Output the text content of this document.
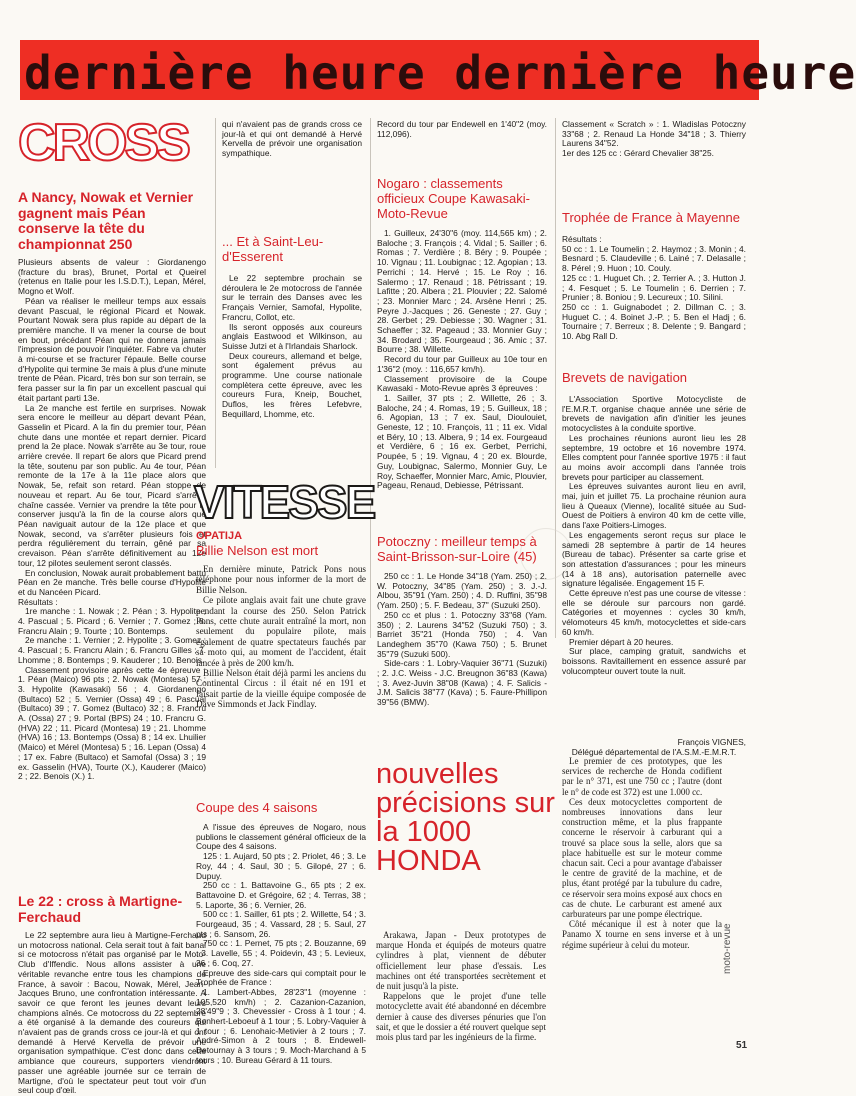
dernière heure dernière heure
CROSS
A Nancy, Nowak et Vernier gagnent mais Péan conserve la tête du championnat 250

Plusieurs absents de valeur : Giordanengo (fracture du bras), Brunet, Portal et Queirel (retenus en Italie pour les I.S.D.T.), Lepan, Mérel, Mogno et Wolf.

Péan va réaliser le meilleur temps aux essais devant Pascual, le régional Picard et Nowak. Pourtant Nowak sera plus rapide au départ de la première manche. Il va mener la course de bout en bout, précédant Péan qui ne donnera jamais l'impression de pouvoir l'inquiéter. Fabre va chuter à mi-course et se fracturer l'épaule. Belle course d'Hypolite qui termine 3e mais à plus d'une minute trente de Péan. Picard, très bon sur son terrain, se fera passer sur la fin par un excellent pascual qui était partant parti 13e.

La 2e manche est fertile en surprises. Nowak sera encore le meilleur au départ devant Péan, Gasselin et Picard. A la fin du premier tour, Péan chute dans une montée et repart dernier. Picard prend la 2e place. Nowak s'arrête au 3e tour, roue arrière crevée. Il repart 6e alors que Picard prend la tête, soutenu par son public. Au 4e tour, Péan remonte de la 17e à la 11e place alors que Nowak, 5e, refait son retard. Péan stoppe de nouveau et repart. Au 6e tour, Picard s'arrête, chaîne cassée. Vernier va prendre la tête pour la conserver jusqu'à la fin de la course alors que Péan naviguait autour de la 12e place et que Nowak, second, va s'arrêter plusieurs fois et perdra régulièrement du terrain, gêné par sa crevaison. Péan s'arrête définitivement au 12e tour, 12 pilotes seulement seront classés.

En conclusion, Nowak aurait probablement battu Péan en 2e manche. Très belle course d'Hypolite et du Nancéen Picard.

Résultats :

1re manche : 1. Nowak ; 2. Péan ; 3. Hypolite ; 4. Pascual ; 5. Picard ; 6. Vernier ; 7. Gomez ; 8. Francru Alain ; 9. Tourte ; 10. Bontemps.

2e manche : 1. Vernier ; 2. Hypolite ; 3. Gomez ; 4. Pascual ; 5. Francru Alain ; 6. Francru Gilles ; 7. Lhomme ; 8. Bontemps ; 9. Kauderer ; 10. Benois.

Classement provisoire après cette 4e épreuve : 1. Péan (Maico) 96 pts ; 2. Nowak (Montesa) 57 ; 3. Hypolite (Kawasaki) 56 ; 4. Giordanengo (Bultaco) 52 ; 5. Vernier (Ossa) 49 ; 6. Pascual (Bultaco) 39 ; 7. Gomez (Bultaco) 32 ; 8. Francru A. (Ossa) 27 ; 9. Portal (BPS) 24 ; 10. Francru G. (HVA) 22 ; 11. Picard (Montesa) 19 ; 21. Lhomme (HVA) 16 ; 13. Bontemps (Ossa) 8 ; 14 ex. Lhuilier (Maico) et Mérel (Montesa) 5 ; 16. Lepan (Ossa) 4 ; 17 ex. Fabre (Bultaco) et Samofal (Ossa) 3 ; 19 ex. Gasselin (HVA), Tourte (X.), Kauderer (Maico) 2 ; 22. Benois (X.) 1.

Le 22 : cross à Martigne-Ferchaud

Le 22 septembre aura lieu à Martigne-Ferchaud un motocross national. Cela serait tout à fait banal si ce motocross n'était pas organisé par le Moto-Club d'Iffendic. Nous allons assister à une véritable revanche entre tous les champions de France, à savoir : Bacou, Nowak, Mérel, Jean-Jacques Bruno, une confrontation intéressante. A savoir ce que feront les jeunes devant leurs champions aînés. Ce motocross du 22 septembre a été organisé à la demande des coureurs qui n'avaient pas de grands cross ce jour-là et qui ont demandé à Hervé Kervella de prévoir une organisation sympathique. C'est donc dans cette ambiance que coureurs, supporters viendront passer une agréable journée sur ce terrain de Martigne, d'où le spectateur peut tout voir d'un seul coup d'œil.

qui n'avaient pas de grands cross ce jour-là et qui ont demandé à Hervé Kervella de prévoir une organisation sympathique.

... Et à Saint-Leu-d'Esserent

Le 22 septembre prochain se déroulera le 2e motocross de l'année sur le terrain des Danses avec les Français Vernier, Samofal, Hypolite, Francru, Collot, etc.

Ils seront opposés aux coureurs anglais Eastwood et Wilkinson, au Suisse Jutzi et à l'Irlandais Sharlock.

Deux coureurs, allemand et belge, sont également prévus au programme. Une course nationale complètera cette épreuve, avec les coureurs Fura, Kneip, Bouchet, Duflos, les frères Lefebvre, Bequillard, Lhomme, etc.

VITESSE
OPATIJA
Billie Nelson est mort

En dernière minute, Patrick Pons nous téléphone pour nous informer de la mort de Billie Nelson.

Ce pilote anglais avait fait une chute grave pendant la course des 250. Selon Patrick Pons, cette chute aurait entraîné la mort, non seulement du populaire pilote, mais également de quatre spectateurs fauchés par sa moto qui, au moment de l'accident, était lancée à près de 200 km/h.

Billie Nelson était déjà parmi les anciens du Continental Circus : il était né en 191 et faisait partie de la vieille équipe composée de Dave Simmonds et Jack Findlay.

Coupe des 4 saisons

A l'issue des épreuves de Nogaro, nous publions le classement général officieux de la Coupe des 4 saisons.

125 : 1. Aujard, 50 pts ; 2. Priolet, 46 ; 3. Le Roy, 44 ; 4. Saul, 30 ; 5. Gilopé, 27 ; 6. Dupuy.

250 cc : 1. Battavoine G., 65 pts ; 2 ex. Battavoine D. et Grégoire, 62 ; 4. Terras, 38 ; 5. Laporte, 36 ; 6. Vernier, 26.

500 cc : 1. Sailler, 61 pts ; 2. Willette, 54 ; 3. Fourgeaud, 35 ; 4. Vassard, 28 ; 5. Saul, 27 pts ; 6. Sansom, 26.

750 cc : 1. Pernet, 75 pts ; 2. Bouzanne, 69 ; 3. Lavelle, 55 ; 4. Poidevin, 43 ; 5. Levieux, 36 ; 6. Coq, 27.

Epreuve des side-cars qui comptait pour le Trophée de France :

1. Lambert-Abbes, 28'23"1 (moyenne : 105,520 km/h) ; 2. Cazanion-Cazanion, 28'49"9 ; 3. Chevessier - Cross à 1 tour ; 4. Bonhert-Leboeuf à 1 tour ; 5. Lobry-Vaquier à 1 tour ; 6. Lenohaic-Metivier à 2 tours ; 7. André-Simon à 2 tours ; 8. Endewell-Detournay à 3 tours ; 9. Moch-Marchand à 5 tours ; 10. Bureau Gérard à 11 tours.

Record du tour par Endewell en 1'40"2 (moy. 112,096).

Nogaro : classements officieux Coupe Kawasaki-Moto-Revue

1. Guilleux, 24'30"6 (moy. 114,565 km) ; 2. Baloche ; 3. François ; 4. Vidal ; 5. Sailler ; 6. Romas ; 7. Verdière ; 8. Béry ; 9. Poupée ; 10. Vignau ; 11. Loubignac ; 12. Agopian ; 13. Perrichi ; 14. Hervé ; 15. Le Roy ; 16. Salermo ; 17. Renaud ; 18. Pétrissant ; 19. Lafitte ; 20. Albera ; 21. Plouvier ; 22. Salomé ; 23. Monnier Marc ; 24. Arsène Henri ; 25. Peyre J.-Jacques ; 26. Geneste ; 27. Guy ; 28. Gerbet ; 29. Debiesse ; 30. Wagner ; 31. Schaeffer ; 32. Pageaud ; 33. Monnier Guy ; 34. Brodard ; 35. Fourgeaud ; 36. Amic ; 37. Bourre ; 38. Willette.

Record du tour par Guilleux au 10e tour en 1'36"2 (moy. : 116,657 km/h).

Classement provisoire de la Coupe Kawasaki - Moto-Revue après 3 épreuves :

1. Sailler, 37 pts ; 2. Willette, 26 ; 3. Baloche, 24 ; 4. Romas, 19 ; 5. Guilleux, 18 ; 6. Agopian, 13 ; 7 ex. Saul, Dioulouiet, Geneste, 12 ; 10. François, 11 ; 11 ex. Vidal et Béry, 10 ; 13. Albera, 9 ; 14 ex. Fourgeaud et Verdière, 6 ; 16 ex. Gerbet, Perrichi, Poupée, 5 ; 19. Vignau, 4 ; 20 ex. Blourde, Guy, Loubignac, Salermo, Monnier Guy, Le Roy, Schaeffer, Monnier Marc, Amic, Plouvier, Pageau, Renaud, Debiesse, Pétrissant.

Potoczny : meilleur temps à Saint-Brisson-sur-Loire (45)

250 cc : 1. Le Honde 34"18 (Yam. 250) ; 2. W. Potoczny, 34"85 (Yam. 250) ; 3. J.-J. Albou, 35"91 (Yam. 250) ; 4. D. Ruffini, 35"98 (Yam. 250) ; 5. F. Bedeau, 37" (Suzuki 250).

250 cc et plus : 1. Potoczny 33"68 (Yam. 350) ; 2. Laurens 34"52 (Suzuki 750) ; 3. Barriet 35"21 (Honda 750) ; 4. Van Landeghem 35"70 (Kawa 750) ; 5. Brunet 35"79 (Suzuki 500).

Side-cars : 1. Lobry-Vaquier 36"71 (Suzuki) ; 2. J.C. Weiss - J.C. Breugnon 36"83 (Kawa) ; 3. Avez-Juvin 38"08 (Kawa) ; 4. F. Salicis - J.M. Salicis 38"77 (Kava) ; 5. Faure-Phillipon 39"56 (BMW).

Classement « Scratch » : 1. Wladislas Potoczny 33"68 ; 2. Renaud La Honde 34"18 ; 3. Thierry Laurens 34"52.

1er des 125 cc : Gérard Chevalier 38"25.

Trophée de France à Mayenne

Résultats :

50 cc : 1. Le Toumelin ; 2. Haymoz ; 3. Monin ; 4. Besnard ; 5. Claudeville ; 6. Lainé ; 7. Delasalle ; 8. Pérel ; 9. Huon ; 10. Couly.

125 cc : 1. Huguet Ch. ; 2. Terrier A. ; 3. Hutton J. ; 4. Fesquet ; 5. Le Toumelin ; 6. Derrien ; 7. Prunier ; 8. Boniou ; 9. Lecureux ; 10. Silini.

250 cc : 1. Guignabodet ; 2. Dillman C. ; 3. Huguet C. ; 4. Boinet J.-P. ; 5. Ben el Hadj ; 6. Tournaire ; 7. Berreux ; 8. Delente ; 9. Bangard ; 10. Abg Rall D.

Brevets de navigation

L'Association Sportive Motocycliste de l'E.M.R.T. organise chaque année une série de brevets de navigation afin d'initier les jeunes motocyclistes à la conduite sportive.

Les prochaines réunions auront lieu les 28 septembre, 19 octobre et 16 novembre 1974. Elles comptent pour l'année sportive 1975 : il faut au moins avoir accompli dans l'année trois brevets pour participer au classement.

Les épreuves suivantes auront lieu en avril, mai, juin et juillet 75. La prochaine réunion aura lieu à Queaux (Vienne), localité située au Sud-Ouest de Poitiers à environ 40 km de cette ville, dans l'axe Poitiers-Limoges.

Les engagements seront reçus sur place le samedi 28 septembre à partir de 14 heures (Bureau de tabac). Présenter sa carte grise et son attestation d'assurances ; pour les mineurs (14 à 18 ans), autorisation paternelle avec signature légalisée. Engagement 15 F.

Cette épreuve n'est pas une course de vitesse : elle se déroule sur parcours non gardé. Catégories et moyennes : cycles 30 km/h, vélomoteurs 45 km/h, motocyclettes et side-cars 60 km/h.

Premier départ à 20 heures.

Sur place, camping gratuit, sandwichs et boissons. Ravitaillement en essence assuré par volucompteur ouvert toute la nuit.

François VIGNES,
Délégué départemental de l'A.S.M.-E.M.R.T.
nouvelles précisions sur la 1000 HONDA

Arakawa, Japan - Deux prototypes de marque Honda et équipés de moteurs quatre cylindres à plat, viennent de débuter officiellement leur phase d'essais. Les machines ont été transportées secrètement et de nuit jusqu'à la piste.

Rappelons que le projet d'une telle motocyclette avait été abandonné en décembre dernier à cause des diverses pénuries que l'on sait, et que le dossier a été rouvert quelque sept mois plus tard par les ingénieurs de la firme.

Le premier de ces prototypes, que les services de recherche de Honda codifient par le n° 371, est une 750 cc ; l'autre (dont le n° de code est 372) est une 1.000 cc.

Ces deux motocyclettes comportent de nombreuses innovations dans leur construction même, et la plus frappante concerne le réservoir à carburant qui a trouvé sa place sous la selle, alors que sa place habituelle est sur le moteur comme chacun sait. Ceci a pour avantage d'abaisser le centre de gravité de la machine, et de plus, étant protégé par la tubulure du cadre, ce réservoir sera moins exposé aux chocs en cas de chute. Le carburant est amené aux carburateurs par une pompe électrique.

Côté mécanique il est à noter que la Panamo X tourne en sens inverse et à un régime supérieur à celui du moteur.	moto-revue
51
